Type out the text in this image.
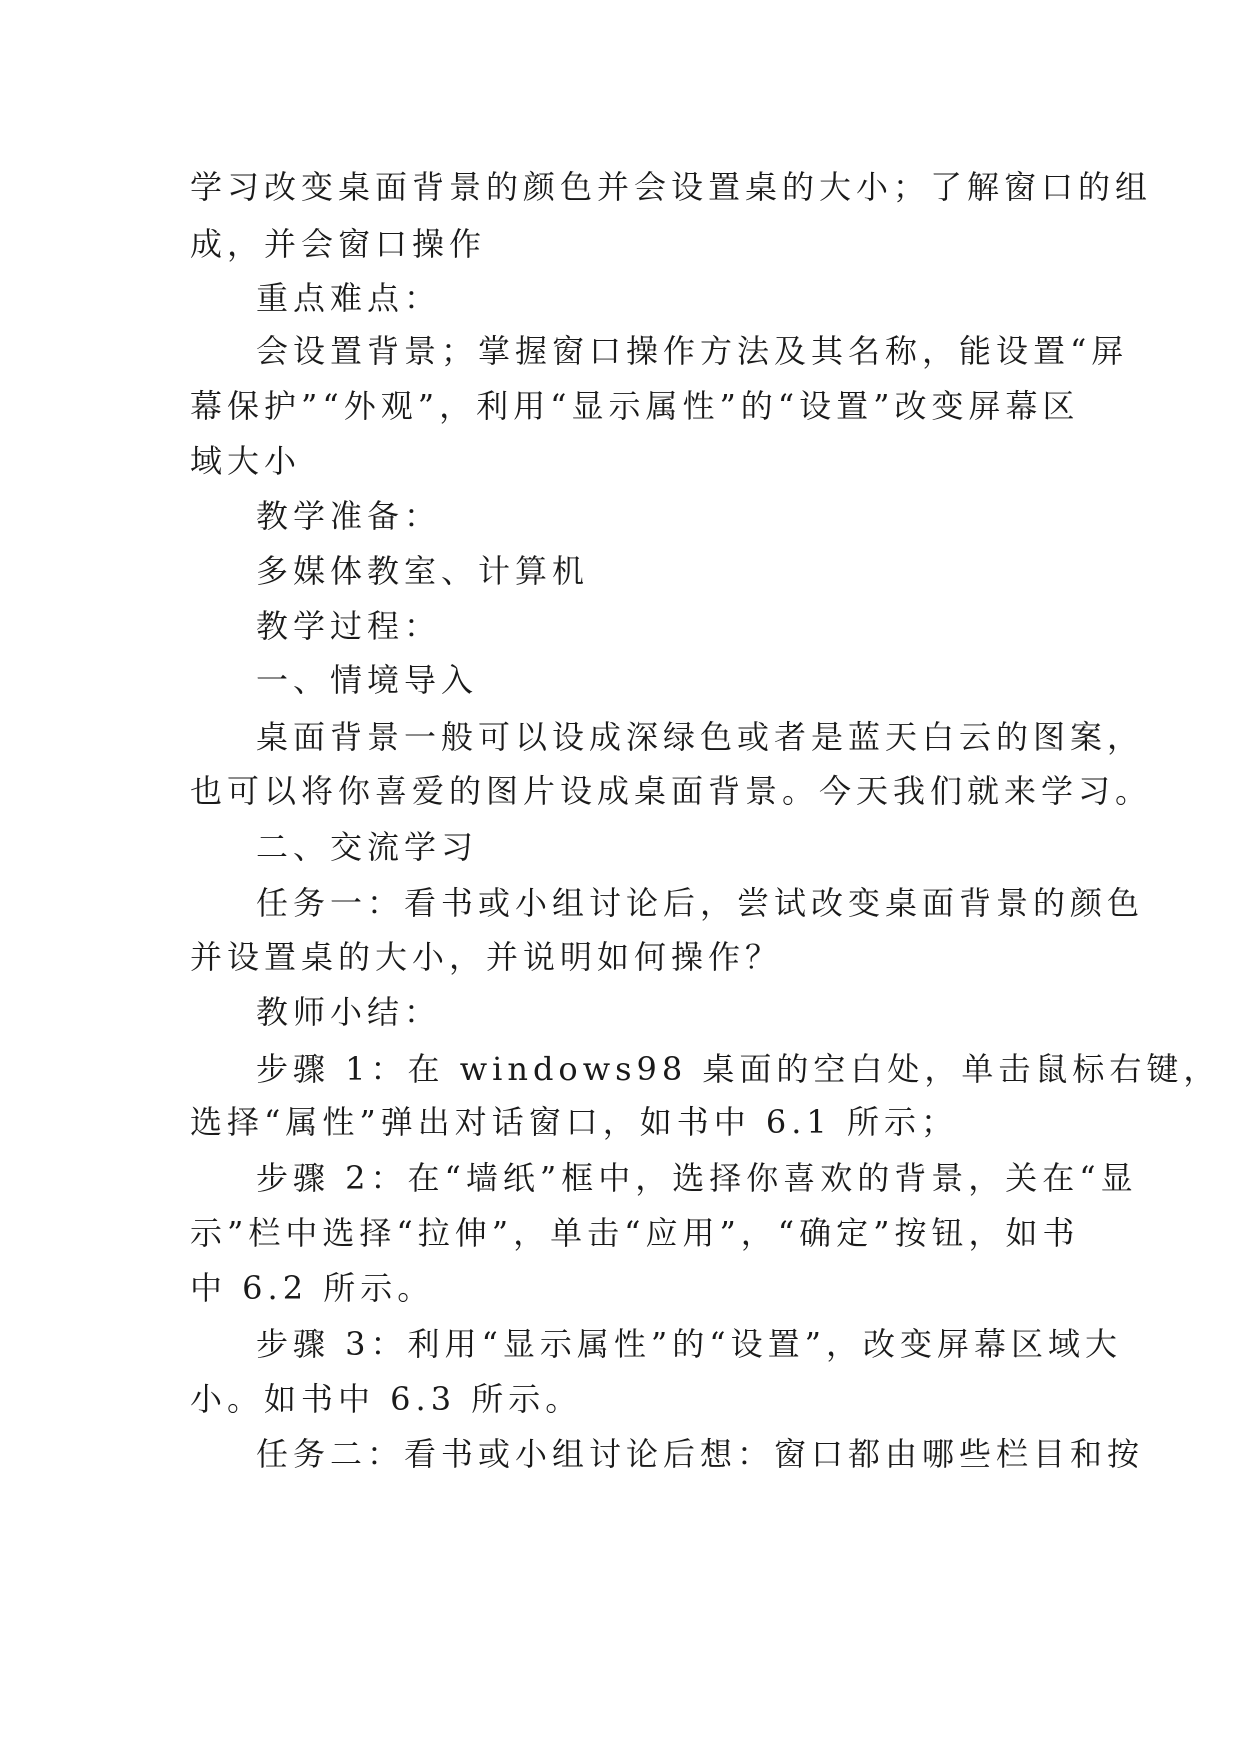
学习改变桌面背景的颜色并会设置桌的大小；了解窗口的组
成，并会窗口操作
重点难点：
会设置背景；掌握窗口操作方法及其名称，能设置“屏
幕保护”“外观”，利用“显示属性”的“设置”改变屏幕区
域大小
教学准备：
多媒体教室、计算机
教学过程：
一、情境导入
桌面背景一般可以设成深绿色或者是蓝天白云的图案，
也可以将你喜爱的图片设成桌面背景。今天我们就来学习。
二、交流学习
任务一：看书或小组讨论后，尝试改变桌面背景的颜色
并设置桌的大小，并说明如何操作？
教师小结：
步骤 1：在 windows98 桌面的空白处，单击鼠标右键，
选择“属性”弹出对话窗口，如书中 6.1 所示；
步骤 2：在“墙纸”框中，选择你喜欢的背景，关在“显
示”栏中选择“拉伸”，单击“应用”，“确定”按钮，如书
中 6.2 所示。
步骤 3：利用“显示属性”的“设置”，改变屏幕区域大
小。如书中 6.3 所示。
任务二：看书或小组讨论后想：窗口都由哪些栏目和按
